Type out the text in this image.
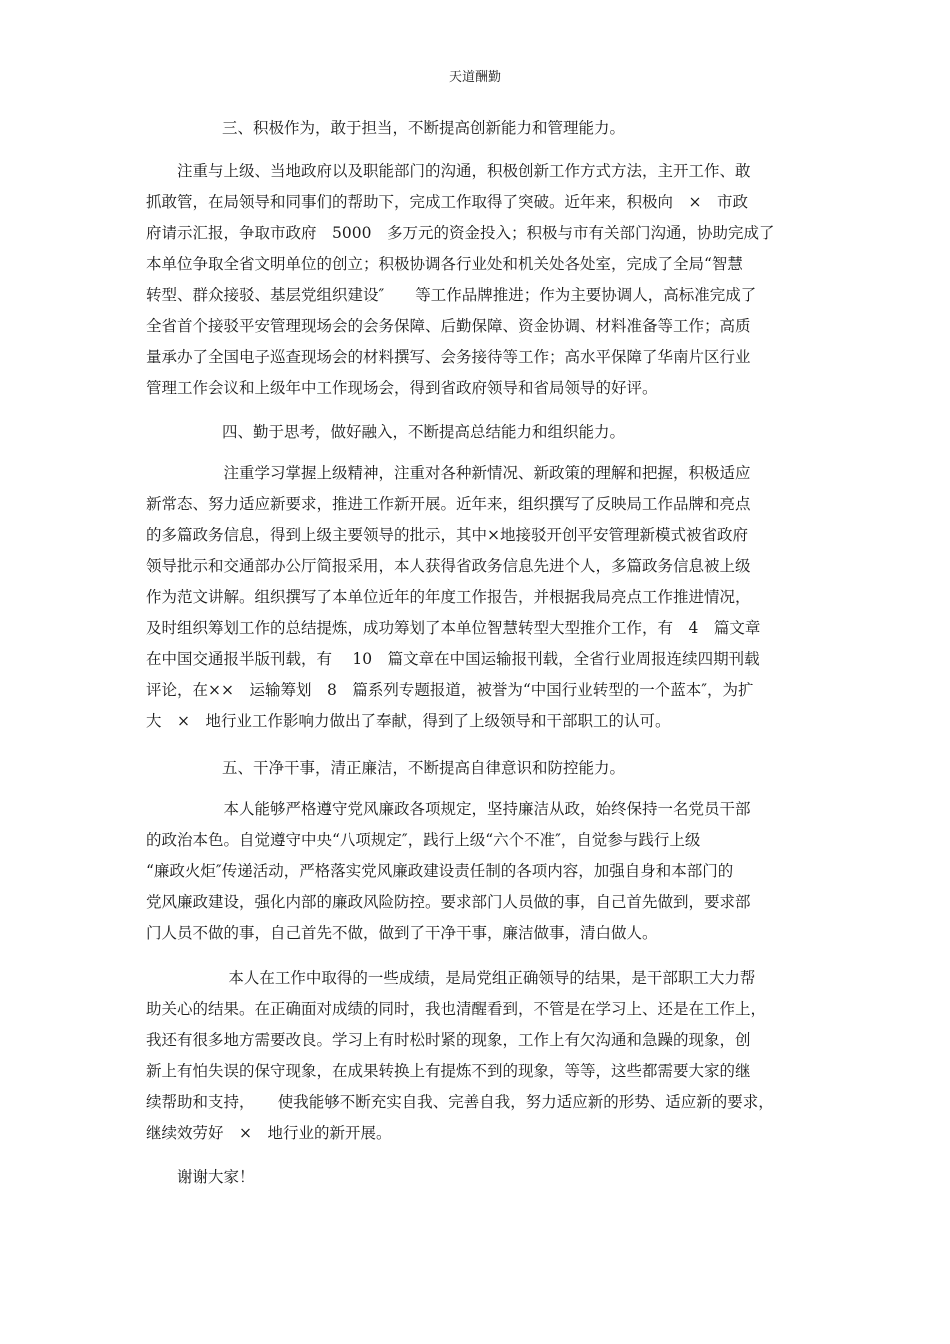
天道酬勤
三、积极作为，敢于担当，不断提高创新能力和管理能力。
　　注重与上级、当地政府以及职能部门的沟通，积极创新工作方式方法，主开工作、敢
抓敢管，在局领导和同事们的帮助下，完成工作取得了突破。近年来，积极向　×　市政
府请示汇报，争取市政府　5000　多万元的资金投入；积极与市有关部门沟通，协助完成了
本单位争取全省文明单位的创立；积极协调各行业处和机关处各处室，完成了全局“智慧
转型、群众接驳、基层党组织建设″　　等工作品牌推进；作为主要协调人，高标准完成了
全省首个接驳平安管理现场会的会务保障、后勤保障、资金协调、材料准备等工作；高质
量承办了全国电子巡查现场会的材料撰写、会务接待等工作；高水平保障了华南片区行业
管理工作会议和上级年中工作现场会，得到省政府领导和省局领导的好评。
四、勤于思考，做好融入，不断提高总结能力和组织能力。
　　　　　注重学习掌握上级精神，注重对各种新情况、新政策的理解和把握，积极适应
新常态、努力适应新要求，推进工作新开展。近年来，组织撰写了反映局工作品牌和亮点
的多篇政务信息，得到上级主要领导的批示，其中×地接驳开创平安管理新模式被省政府
领导批示和交通部办公厅简报采用，本人获得省政务信息先进个人，多篇政务信息被上级
作为范文讲解。组织撰写了本单位近年的年度工作报告，并根据我局亮点工作推进情况，
及时组织筹划工作的总结提炼，成功筹划了本单位智慧转型大型推介工作，有　4　篇文章
在中国交通报半版刊载，有　 10　篇文章在中国运输报刊载，全省行业周报连续四期刊载
评论，在××　运输筹划　8　篇系列专题报道，被誉为“中国行业转型的一个蓝本″，为扩
大　×　地行业工作影响力做出了奉献，得到了上级领导和干部职工的认可。
五、干净干事，清正廉洁，不断提高自律意识和防控能力。
　　　　　本人能够严格遵守党风廉政各项规定，坚持廉洁从政，始终保持一名党员干部
的政治本色。自觉遵守中央“八项规定″，践行上级“六个不准″，自觉参与践行上级
“廉政火炬″传递活动，严格落实党风廉政建设责任制的各项内容，加强自身和本部门的
党风廉政建设，强化内部的廉政风险防控。要求部门人员做的事，自己首先做到，要求部
门人员不做的事，自己首先不做，做到了干净干事，廉洁做事，清白做人。
　　　　　 本人在工作中取得的一些成绩，是局党组正确领导的结果，是干部职工大力帮
助关心的结果。在正确面对成绩的同时，我也清醒看到，不管是在学习上、还是在工作上，
我还有很多地方需要改良。学习上有时松时紧的现象，工作上有欠沟通和急躁的现象，创
新上有怕失误的保守现象，在成果转换上有提炼不到的现象，等等，这些都需要大家的继
续帮助和支持，　　使我能够不断充实自我、完善自我，努力适应新的形势、适应新的要求，
继续效劳好　×　地行业的新开展。
　　谢谢大家！
